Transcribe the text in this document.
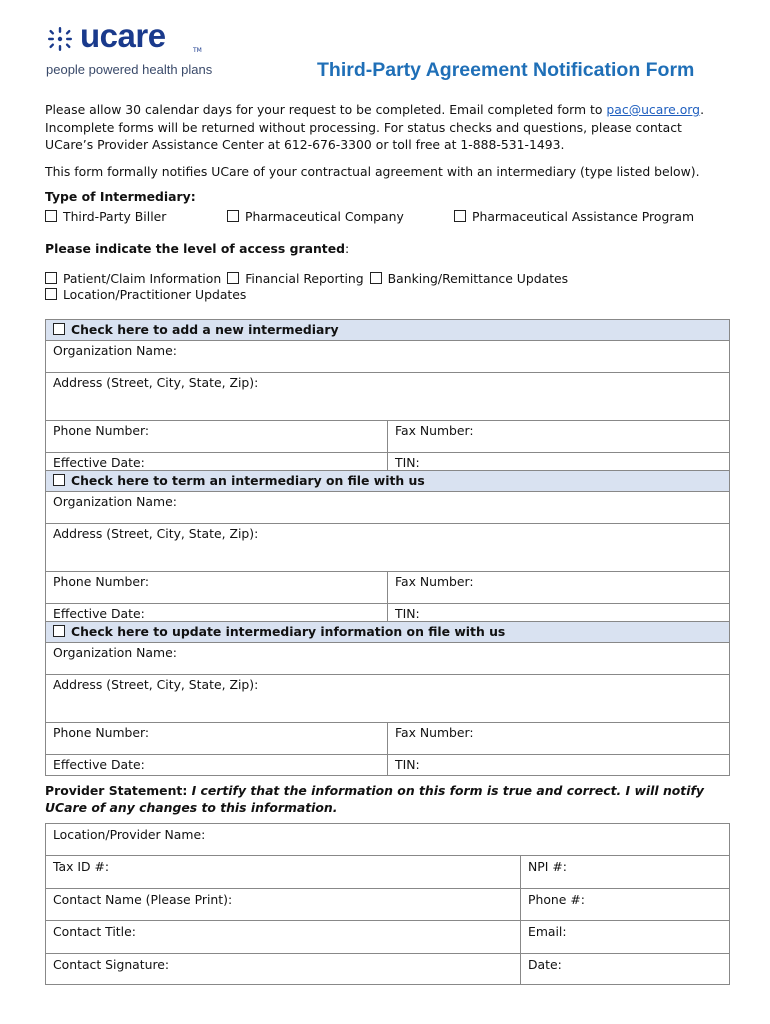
ucare	TM
people powered health plans	Third-Party Agreement Notification Form
Please allow 30 calendar days for your request to be completed. Email completed form to pac@ucare.org.
Incomplete forms will be returned without processing. For status checks and questions, please contact
UCare’s Provider Assistance Center at 612-676-3300 or toll free at 1-888-531-1493.
This form formally notifies UCare of your contractual agreement with an intermediary (type listed below).
Type of Intermediary:
Third-Party Biller	Pharmaceutical Company	Pharmaceutical Assistance Program
Please indicate the level of access granted:
Patient/Claim Information Financial Reporting Banking/Remittance Updates
Location/Practitioner Updates
Check here to add a new intermediary
Organization Name:
Address (Street, City, State, Zip):
Phone Number:	Fax Number:
Effective Date:	TIN:
Check here to term an intermediary on file with us
Organization Name:
Address (Street, City, State, Zip):
Phone Number:	Fax Number:
Effective Date:	TIN:
Check here to update intermediary information on file with us
Organization Name:
Address (Street, City, State, Zip):
Phone Number:	Fax Number:
Effective Date:	TIN:
Provider Statement: I certify that the information on this form is true and correct. I will notify UCare of any changes to this information.
Location/Provider Name:
Tax ID #:	NPI #:
Contact Name (Please Print):	Phone #:
Contact Title:	Email:
Contact Signature:	Date:
